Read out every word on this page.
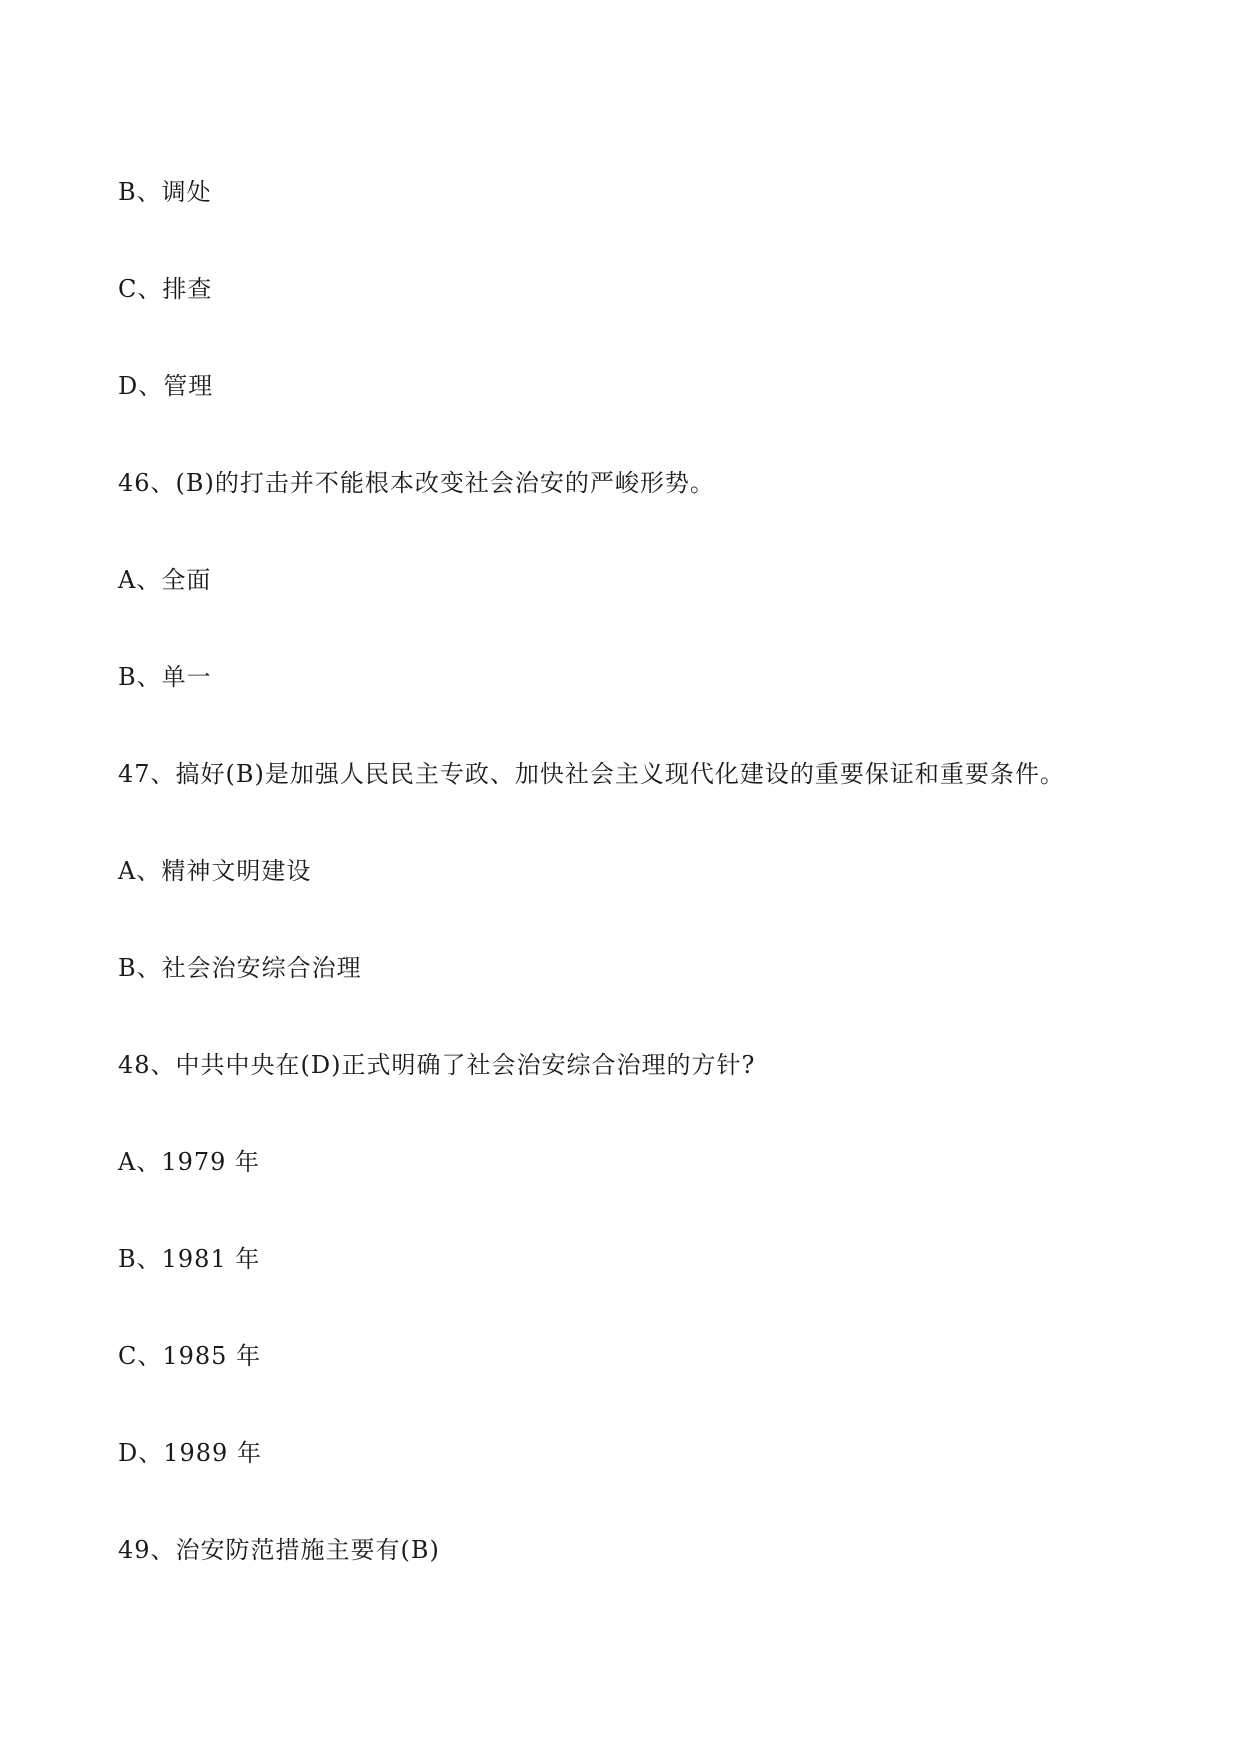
B、调处

C、排查

D、管理

46、(B)的打击并不能根本改变社会治安的严峻形势。

A、全面

B、单一

47、搞好(B)是加强人民民主专政、加快社会主义现代化建设的重要保证和重要条件。

A、精神文明建设

B、社会治安综合治理

48、中共中央在(D)正式明确了社会治安综合治理的方针?

A、1979 年

B、1981 年

C、1985 年

D、1989 年

49、治安防范措施主要有(B)
